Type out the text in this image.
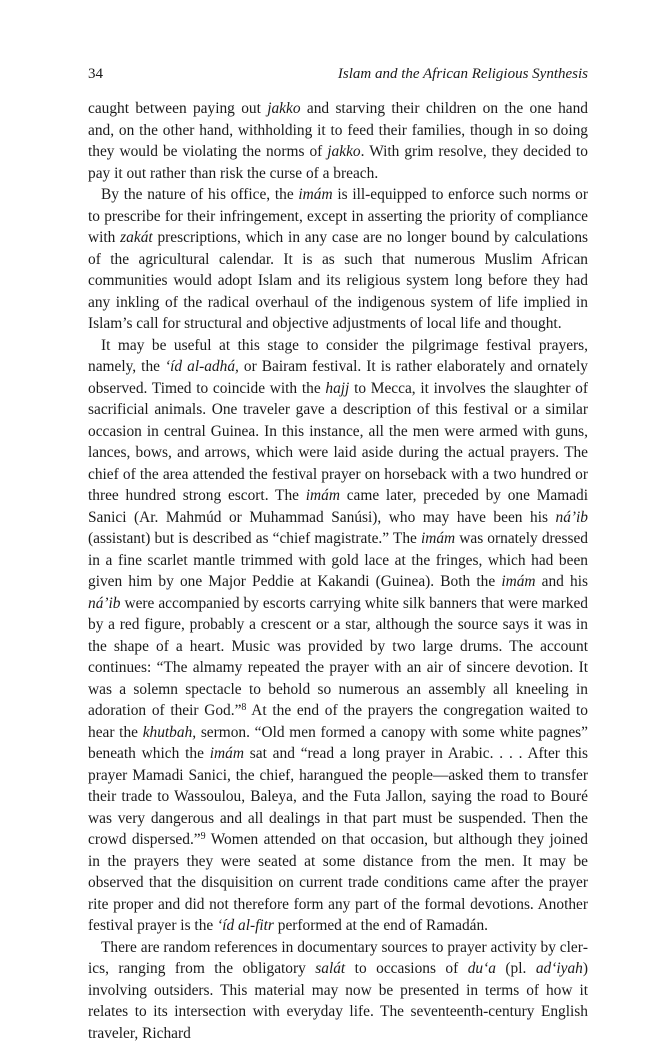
34	Islam and the African Religious Synthesis

caught between paying out jakko and starving their children on the one hand and, on the other hand, withholding it to feed their families, though in so doing they would be violating the norms of jakko. With grim resolve, they decided to pay it out rather than risk the curse of a breach.

By the nature of his office, the imám is ill-equipped to enforce such norms or to prescribe for their infringement, except in asserting the priority of compliance with zakát prescriptions, which in any case are no longer bound by calculations of the agricultural calendar. It is as such that numerous Muslim African communities would adopt Islam and its religious system long before they had any inkling of the radical overhaul of the indigenous system of life implied in Islam’s call for structural and objective adjustments of local life and thought.

It may be useful at this stage to consider the pilgrimage festival prayers, namely, the ‘íd al-adhá, or Bairam festival. It is rather elaborately and ornately observed. Timed to coincide with the hajj to Mecca, it involves the slaughter of sacrificial animals. One traveler gave a description of this festival or a similar occasion in central Guinea. In this instance, all the men were armed with guns, lances, bows, and arrows, which were laid aside during the actual prayers. The chief of the area attended the festival prayer on horseback with a two hundred or three hundred strong escort. The imám came later, preceded by one Mamadi Sanici (Ar. Mahmúd or Muhammad Sanúsi), who may have been his ná’ib (assistant) but is described as “chief magistrate.” The imám was ornately dressed in a fine scarlet mantle trimmed with gold lace at the fringes, which had been given him by one Major Peddie at Kakandi (Guinea). Both the imám and his ná’ib were accompanied by escorts carrying white silk banners that were marked by a red figure, probably a crescent or a star, although the source says it was in the shape of a heart. Music was provided by two large drums. The account continues: “The almamy repeated the prayer with an air of sincere devotion. It was a solemn spectacle to behold so numerous an assembly all kneeling in adoration of their God.”$^8$ At the end of the prayers the congregation waited to hear the khutbah, sermon. “Old men formed a canopy with some white pagnes” beneath which the imám sat and “read a long prayer in Arabic. . . . After this prayer Mamadi Sanici, the chief, harangued the people—asked them to transfer their trade to Wassoulou, Baleya, and the Futa Jallon, saying the road to Bouré was very dangerous and all dealings in that part must be suspended. Then the crowd dispersed.”$^9$ Women attended on that occasion, but although they joined in the prayers they were seated at some distance from the men. It may be observed that the disquisition on current trade conditions came after the prayer rite proper and did not therefore form any part of the formal devotions. Another festival prayer is the ‘íd al-fitr performed at the end of Ramadán.

There are random references in documentary sources to prayer activity by clerics, ranging from the obligatory salát to occasions of du‘a (pl. ad‘iyah) involving outsiders. This material may now be presented in terms of how it relates to its intersection with everyday life. The seventeenth-century English traveler, Richard
